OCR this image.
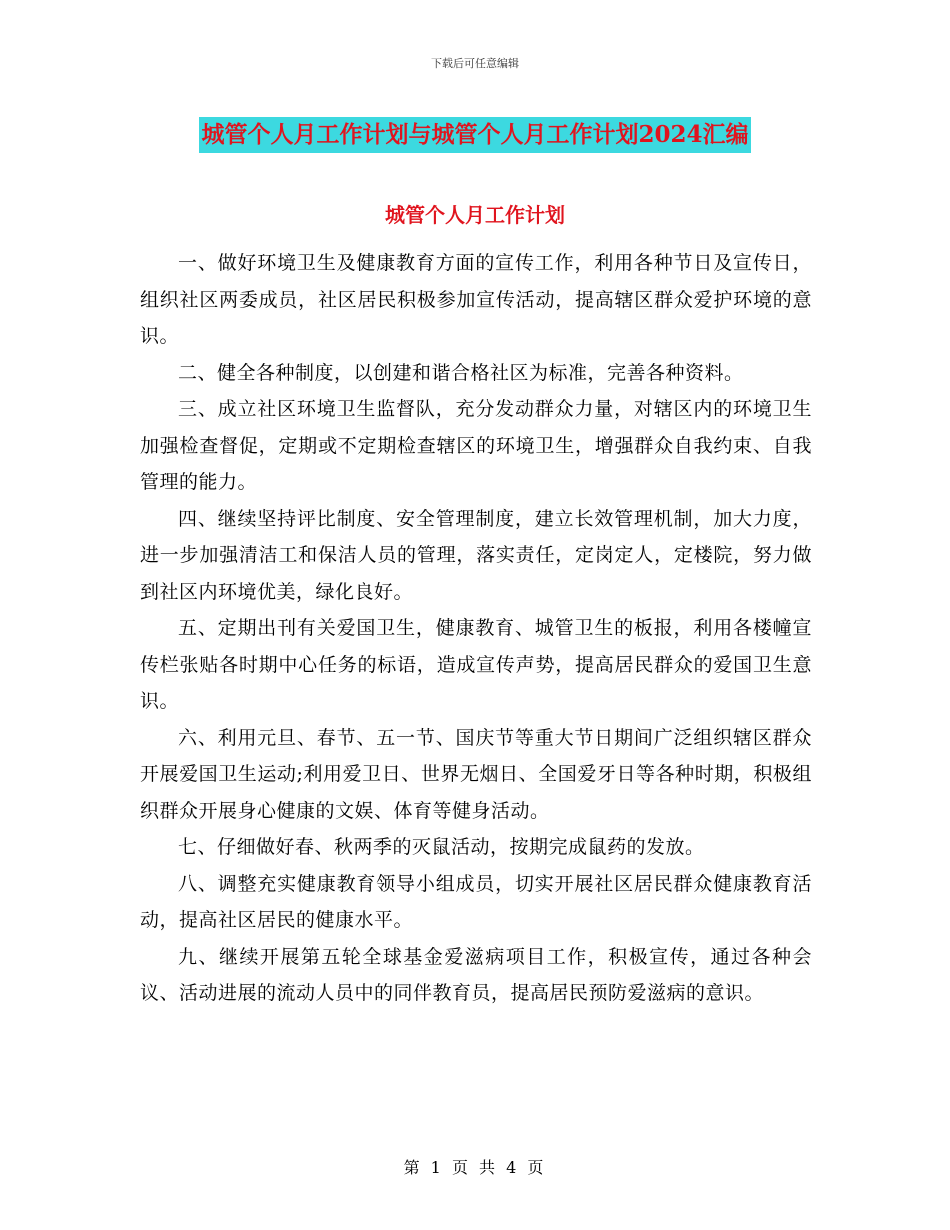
下载后可任意编辑
城管个人月工作计划与城管个人月工作计划2024汇编
城管个人月工作计划

一、做好环境卫生及健康教育方面的宣传工作，利用各种节日及宣传日，组织社区两委成员，社区居民积极参加宣传活动，提高辖区群众爱护环境的意识。

二、健全各种制度，以创建和谐合格社区为标准，完善各种资料。

三、成立社区环境卫生监督队，充分发动群众力量，对辖区内的环境卫生加强检查督促，定期或不定期检查辖区的环境卫生，增强群众自我约束、自我管理的能力。

四、继续坚持评比制度、安全管理制度，建立长效管理机制，加大力度，进一步加强清洁工和保洁人员的管理，落实责任，定岗定人，定楼院，努力做到社区内环境优美，绿化良好。

五、定期出刊有关爱国卫生，健康教育、城管卫生的板报，利用各楼幢宣传栏张贴各时期中心任务的标语，造成宣传声势，提高居民群众的爱国卫生意识。

六、利用元旦、春节、五一节、国庆节等重大节日期间广泛组织辖区群众开展爱国卫生运动;利用爱卫日、世界无烟日、全国爱牙日等各种时期，积极组织群众开展身心健康的文娱、体育等健身活动。

七、仔细做好春、秋两季的灭鼠活动，按期完成鼠药的发放。

八、调整充实健康教育领导小组成员，切实开展社区居民群众健康教育活动，提高社区居民的健康水平。

九、继续开展第五轮全球基金爱滋病项目工作，积极宣传，通过各种会议、活动进展的流动人员中的同伴教育员，提高居民预防爱滋病的意识。

第 1 页 共 4 页
